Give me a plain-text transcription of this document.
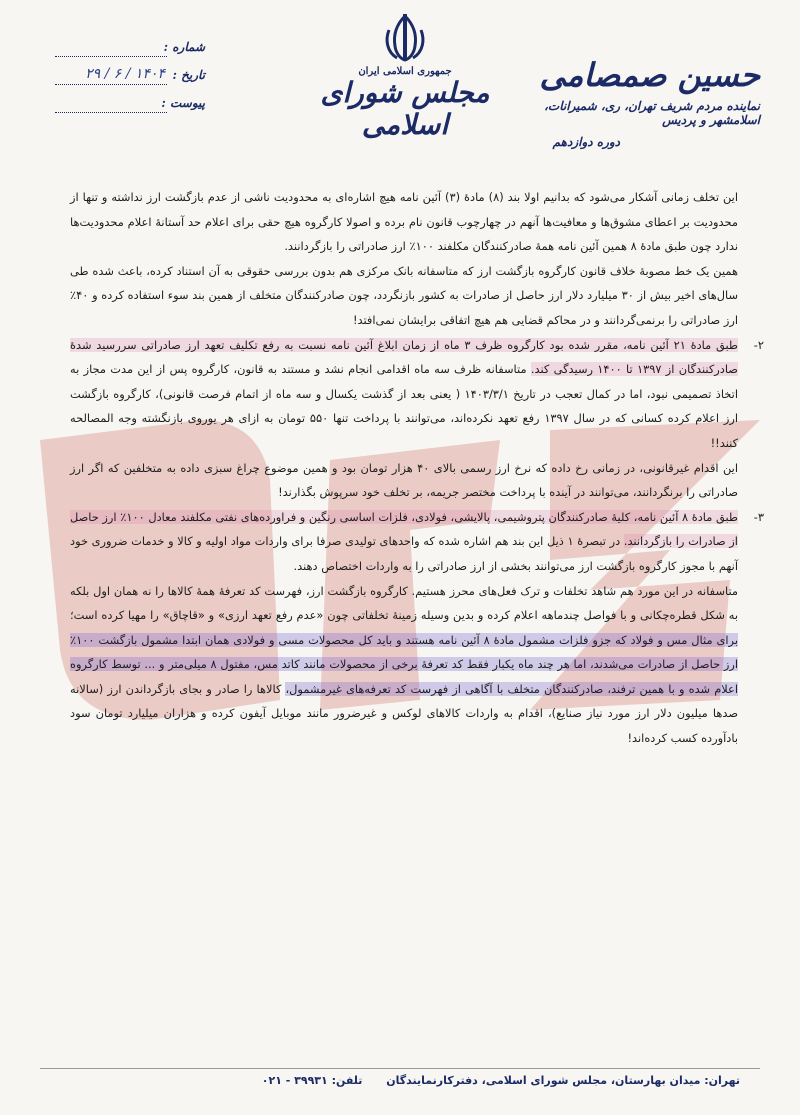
حسین صمصامی
نماینده مردم شریف تهران، ری، شمیرانات، اسلامشهر و پردیس
دوره دوازدهم
جمهوری اسلامی ایران
مجلس شورای اسلامی
شماره :
تاریخ :
۱۴۰۴ / ۶ / ۲۹
پیوست :

این تخلف زمانی آشکار می‌شود که بدانیم اولا بند (۸) مادهٔ (۳) آئین نامه هیچ اشاره‌ای به محدودیت ناشی از عدم بازگشت ارز نداشته و تنها از محدودیت بر اعطای مشوق‌ها و معافیت‌ها آنهم در چهارچوب قانون نام برده و اصولا کارگروه هیچ حقی برای اعلام حد آستانهٔ اعلام محدودیت‌ها ندارد چون طبق مادهٔ ۸ همین آئین نامه همهٔ صادرکنندگان مکلفند ۱۰۰٪ ارز صادراتی را بازگردانند.

همین یک خط مصوبهٔ خلاف قانون کارگروه بازگشت ارز که متاسفانه بانک مرکزی هم بدون بررسی حقوقی به آن استناد کرده، باعث شده طی سال‌های اخیر بیش از ۳۰ میلیارد دلار ارز حاصل از صادرات به کشور بازنگردد، چون صادرکنندگان متخلف از همین بند سوء استفاده کرده و ۴۰٪ ارز صادراتی را برنمی‌گردانند و در محاکم قضایی هم هیچ اتفاقی برایشان نمی‌افتد!

۲-
طبق مادهٔ ۲۱ آئین نامه، مقرر شده بود کارگروه ظرف ۳ ماه از زمان ابلاغ آئین نامه نسبت به رفع تکلیف تعهد ارز صادراتی سررسید شدهٔ صادرکنندگان از ۱۳۹۷ تا ۱۴۰۰ رسیدگی کند. متاسفانه ظرف سه ماه اقدامی انجام نشد و مستند به قانون، کارگروه پس از این مدت مجاز به اتخاذ تصمیمی نبود، اما در کمال تعجب در تاریخ ۱۴۰۳/۳/۱ ( یعنی بعد از گذشت یکسال و سه ماه از اتمام فرصت قانونی)، کارگروه بازگشت ارز اعلام کرده کسانی که در سال ۱۳۹۷ رفع تعهد نکرده‌اند، می‌توانند با پرداخت تنها ۵۵۰ تومان به ازای هر یوروی بازنگشته وجه المصالحه کنند!!

این اقدام غیرقانونی، در زمانی رخ داده که نرخ ارز رسمی بالای ۴۰ هزار تومان بود و همین موضوع چراغ سبزی داده به متخلفین که اگر ارز صادراتی را برنگردانند، می‌توانند در آینده با پرداخت مختصر جریمه، بر تخلف خود سرپوش بگذارند!

۳-
طبق مادهٔ ۸ آئین نامه، کلیهٔ صادرکنندگان پتروشیمی، پالایشی، فولادی، فلزات اساسی رنگین و فراورده‌های نفتی مکلفند معادل ۱۰۰٪ ارز حاصل از صادرات را بازگردانند. در تبصرهٔ ۱ ذیل این بند هم اشاره شده که واحدهای تولیدی صرفا برای واردات مواد اولیه و کالا و خدمات ضروری خود آنهم با مجوز کارگروه بازگشت ارز می‌توانند بخشی از ارز صادراتی را به واردات اختصاص دهند.

متاسفانه در این مورد هم شاهد تخلفات و ترک فعل‌های محرز هستیم. کارگروه بازگشت ارز، فهرست کد تعرفهٔ همهٔ کالاها را نه همان اول بلکه به شکل قطره‌چکانی و با فواصل چندماهه اعلام کرده و بدین وسیله زمینهٔ تخلفاتی چون «عدم رفع تعهد ارزی» و «قاچاق» را مهیا کرده است؛ برای مثال مس و فولاد که جزو فلزات مشمول مادهٔ ۸ آئین نامه هستند و باید کل محصولات مسی و فولادی همان ابتدا مشمول بازگشت ۱۰۰٪ ارز حاصل از صادرات می‌شدند، اما هر چند ماه یکبار فقط کد تعرفهٔ برخی از محصولات مانند کاتد مس، مفتول ۸ میلی‌متر و ... توسط کارگروه اعلام شده و با همین ترفند، صادرکنندگان متخلف با آگاهی از فهرست کد تعرفه‌های غیرمشمول، کالاها را صادر و بجای بازگرداندن ارز (سالانه صدها میلیون دلار ارز مورد نیاز صنایع)، اقدام به واردات کالاهای لوکس و غیرضرور مانند موبایل آیفون کرده و هزاران میلیارد تومان سود بادآورده کسب کرده‌اند!

تهران: میدان بهارستان، مجلس شورای اسلامی، دفترکارنمایندگان تلفن: ۳۹۹۳۱ - ۰۲۱
